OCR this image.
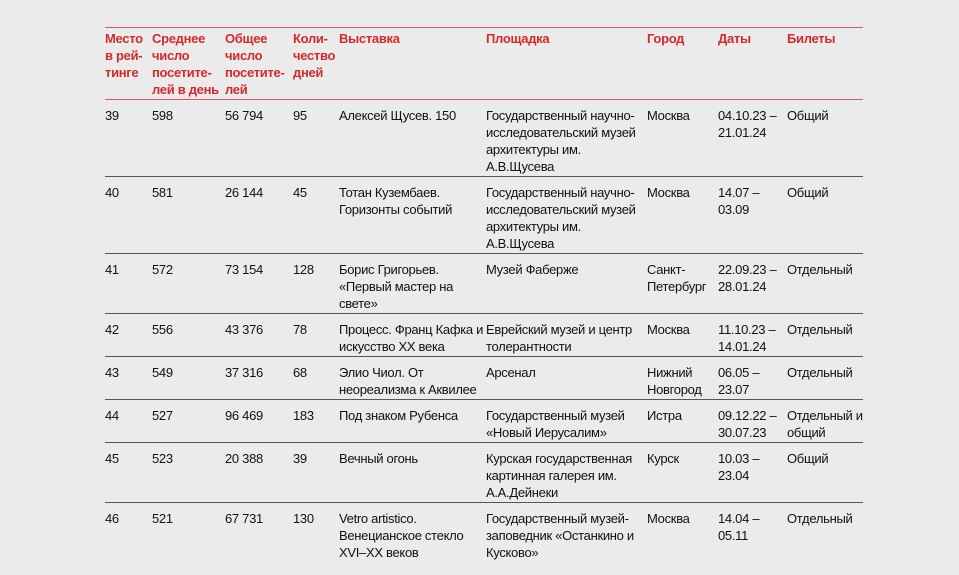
Место
в рей-
тинге	Среднее
число
посетите-
лей в день	Общее
число
посетите-
лей	Коли-
чество
дней	Выставка	Площадка	Город	Даты	Билеты

39	598	56 794	95	Алексей Щусев. 150	Государственный научно-исследовательский музей архитектуры им. А.В.Щусева	Москва	04.10.23 – 21.01.24	Общий
40	581	26 144	45	Тотан Кузембаев. Горизонты событий	Государственный научно-исследовательский музей архитектуры им. А.В.Щусева	Москва	14.07 – 03.09	Общий
41	572	73 154	128	Борис Григорьев. «Первый мастер на свете»	Музей Фаберже	Санкт-Петербург	22.09.23 – 28.01.24	Отдельный
42	556	43 376	78	Процесс. Франц Кафка и искусство XX века	Еврейский музей и центр толерантности	Москва	11.10.23 – 14.01.24	Отдельный
43	549	37 316	68	Элио Чиол. От неореализма к Аквилее	Арсенал	Нижний Новгород	06.05 – 23.07	Отдельный
44	527	96 469	183	Под знаком Рубенса	Государственный музей «Новый Иерусалим»	Истра	09.12.22 – 30.07.23	Отдельный и общий
45	523	20 388	39	Вечный огонь	Курская государственная картинная галерея им. А.А.Дейнеки	Курск	10.03 – 23.04	Общий
46	521	67 731	130	Vetro artistico. Венецианское стекло XVI–XX веков	Государственный музей-заповедник «Останкино и Кусково»	Москва	14.04 – 05.11	Отдельный
